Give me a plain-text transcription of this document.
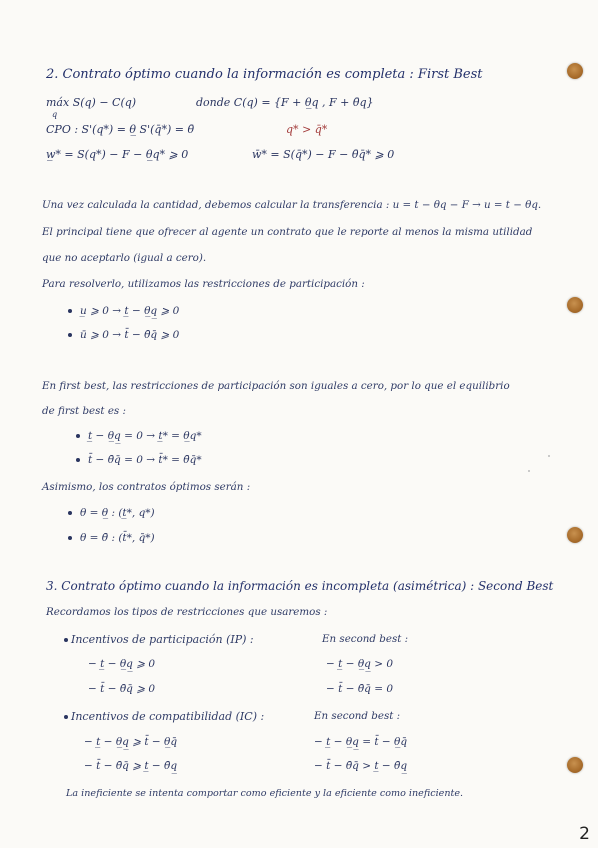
2. Contrato óptimo cuando la información es completa : First Best
máx S(q) − C(q)
q
donde C(q) = {F + θ̲q , F + θ̄q}
CPO : S'(q*) = θ̲ S'(q̄*) = θ̄	q* > q̄*
w̲* = S(q*) − F − θ̲q* ⩾ 0	w̄* = S(q̄*) − F − θ̄q̄* ⩾ 0
Una vez calculada la cantidad, debemos calcular la transferencia : u = t − θq − F → u = t − θq.
El principal tiene que ofrecer al agente un contrato que le reporte al menos la misma utilidad
que no aceptarlo (igual a cero).
Para resolverlo, utilizamos las restricciones de participación :
u̲ ⩾ 0 → t̲ − θ̲q̲ ⩾ 0
ū ⩾ 0 → t̄ − θ̄q̄ ⩾ 0
En first best, las restricciones de participación son iguales a cero, por lo que el equilibrio
de first best es :
t̲ − θ̲q̲ = 0 → t̲* = θ̲q*
t̄ − θ̄q̄ = 0 → t̄* = θ̄q̄*
Asimismo, los contratos óptimos serán :
θ = θ̲ : (t̲*, q*)
θ = θ̄ : (t̄*, q̄*)
3. Contrato óptimo cuando la información es incompleta (asimétrica) : Second Best
Recordamos los tipos de restricciones que usaremos :
Incentivos de participación (IP) :
− t̲ − θ̲q̲ ⩾ 0
− t̄ − θ̄q̄ ⩾ 0
En second best :
− t̲ − θ̲q̲ > 0
− t̄ − θ̄q̄ = 0
Incentivos de compatibilidad (IC) :
− t̲ − θ̲q̲ ⩾ t̄ − θ̲q̄
− t̄ − θ̄q̄ ⩾ t̲ − θ̄q̲
En second best :
− t̲ − θ̲q̲ = t̄ − θ̲q̄
− t̄ − θ̄q̄ > t̲ − θ̄q̲
La ineficiente se intenta comportar como eficiente y la eficiente como ineficiente.
2
